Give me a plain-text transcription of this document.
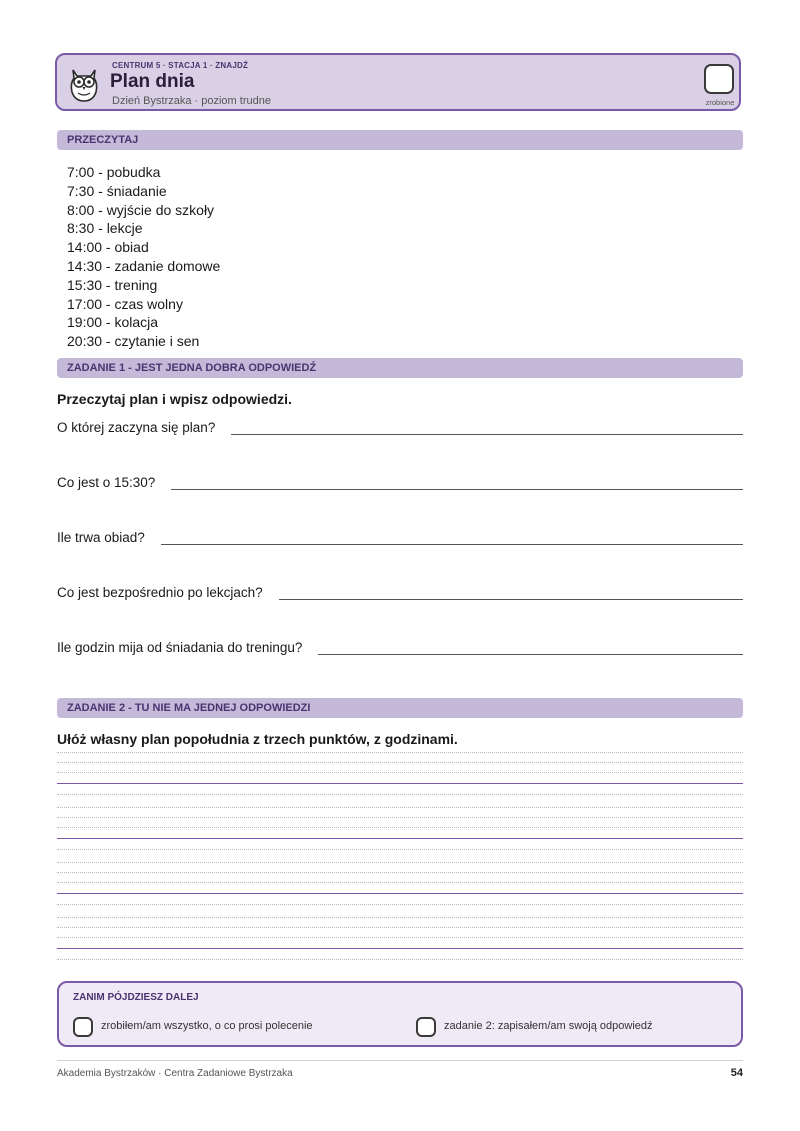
CENTRUM 5 · STACJA 1 · ZNAJDŹ
Plan dnia
Dzień Bystrzaka · poziom trudne	zrobione
PRZECZYTAJ
7:00 - pobudka
7:30 - śniadanie
8:00 - wyjście do szkoły
8:30 - lekcje
14:00 - obiad
14:30 - zadanie domowe
15:30 - trening
17:00 - czas wolny
19:00 - kolacja
20:30 - czytanie i sen
ZADANIE 1 - JEST JEDNA DOBRA ODPOWIEDŹ
Przeczytaj plan i wpisz odpowiedzi.
O której zaczyna się plan?
Co jest o 15:30?
Ile trwa obiad?
Co jest bezpośrednio po lekcjach?
Ile godzin mija od śniadania do treningu?
ZADANIE 2 - TU NIE MA JEDNEJ ODPOWIEDZI
Ułóż własny plan popołudnia z trzech punktów, z godzinami.
ZANIM PÓJDZIESZ DALEJ
zrobiłem/am wszystko, o co prosi polecenie	zadanie 2: zapisałem/am swoją odpowiedź
Akademia Bystrzaków · Centra Zadaniowe Bystrzaka	54
